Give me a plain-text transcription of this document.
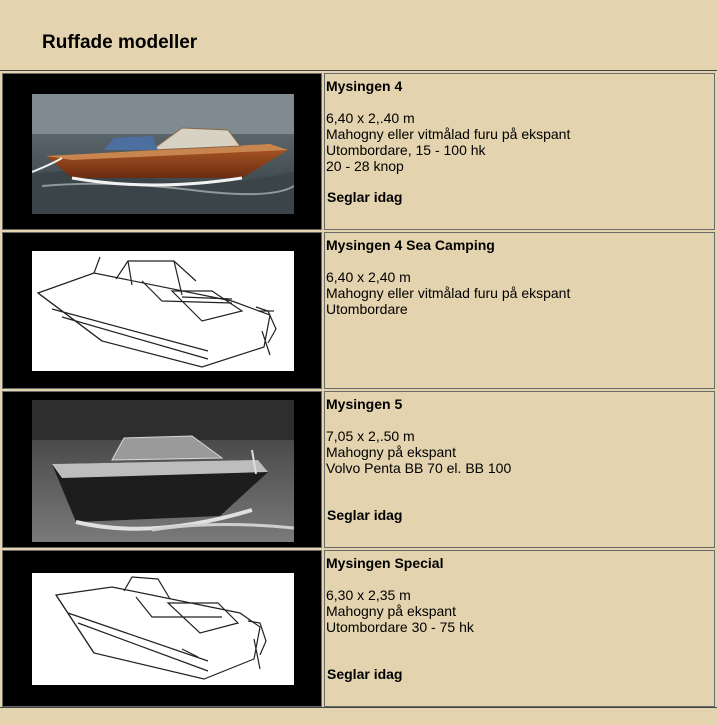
Ruffade modeller
Mysingen 4
6,40 x 2,.40 m
Mahogny eller vitmålad furu på ekspant
Utombordare, 15 - 100 hk
20 - 28 knop
Seglar idag
Mysingen 4 Sea Camping
6,40 x 2,40 m
Mahogny eller vitmålad furu på ekspant
Utombordare
Mysingen 5
7,05 x 2,.50 m
Mahogny på ekspant
Volvo Penta BB 70 el. BB 100
Seglar idag
Mysingen Special
6,30 x 2,35 m
Mahogny på ekspant
Utombordare 30 - 75 hk
Seglar idag
